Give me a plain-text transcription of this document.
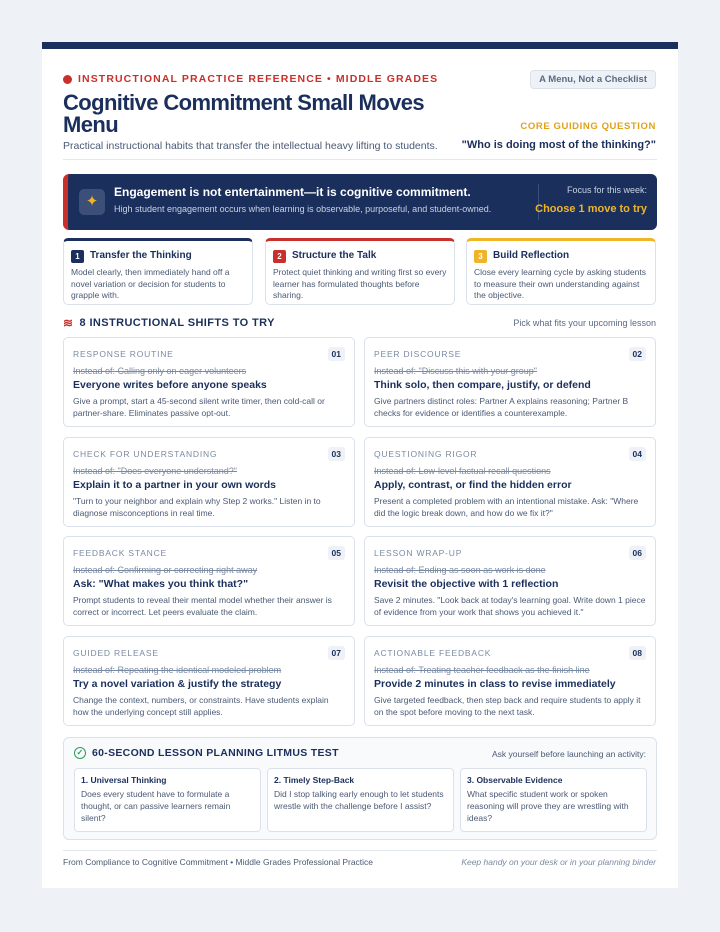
INSTRUCTIONAL PRACTICE REFERENCE • MIDDLE GRADES	A Menu, Not a Checklist
Cognitive Commitment Small Moves Menu
Practical instructional habits that transfer the intellectual heavy lifting to students.
CORE GUIDING QUESTION
"Who is doing most of the thinking?"
✦
Engagement is not entertainment—it is cognitive commitment.
High student engagement occurs when learning is observable, purposeful, and student-owned.
Focus for this week:
Choose 1 move to try
1	Transfer the Thinking
Model clearly, then immediately hand off a novel variation or decision for students to grapple with.
2	Structure the Talk
Protect quiet thinking and writing first so every learner has formulated thoughts before sharing.
3	Build Reflection
Close every learning cycle by asking students to measure their own understanding against the objective.
≋ 8 INSTRUCTIONAL SHIFTS TO TRY	Pick what fits your upcoming lesson
RESPONSE ROUTINE	01
Instead of: Calling only on eager volunteers
Everyone writes before anyone speaks
Give a prompt, start a 45-second silent write timer, then cold-call or partner-share. Eliminates passive opt-out.
PEER DISCOURSE	02
Instead of: "Discuss this with your group"
Think solo, then compare, justify, or defend
Give partners distinct roles: Partner A explains reasoning; Partner B checks for evidence or identifies a counterexample.
CHECK FOR UNDERSTANDING	03
Instead of: "Does everyone understand?"
Explain it to a partner in your own words
"Turn to your neighbor and explain why Step 2 works." Listen in to diagnose misconceptions in real time.
QUESTIONING RIGOR	04
Instead of: Low-level factual recall questions
Apply, contrast, or find the hidden error
Present a completed problem with an intentional mistake. Ask: "Where did the logic break down, and how do we fix it?"
FEEDBACK STANCE	05
Instead of: Confirming or correcting right away
Ask: "What makes you think that?"
Prompt students to reveal their mental model whether their answer is correct or incorrect. Let peers evaluate the claim.
LESSON WRAP-UP	06
Instead of: Ending as soon as work is done
Revisit the objective with 1 reflection
Save 2 minutes. "Look back at today's learning goal. Write down 1 piece of evidence from your work that shows you achieved it."
GUIDED RELEASE	07
Instead of: Repeating the identical modeled problem
Try a novel variation & justify the strategy
Change the context, numbers, or constraints. Have students explain how the underlying concept still applies.
ACTIONABLE FEEDBACK	08
Instead of: Treating teacher feedback as the finish line
Provide 2 minutes in class to revise immediately
Give targeted feedback, then step back and require students to apply it on the spot before moving to the next task.
✓ 60-SECOND LESSON PLANNING LITMUS TEST	Ask yourself before launching an activity:
1. Universal Thinking
Does every student have to formulate a thought, or can passive learners remain silent?
2. Timely Step-Back
Did I stop talking early enough to let students wrestle with the challenge before I assist?
3. Observable Evidence
What specific student work or spoken reasoning will prove they are wrestling with ideas?
From Compliance to Cognitive Commitment • Middle Grades Professional Practice	Keep handy on your desk or in your planning binder
